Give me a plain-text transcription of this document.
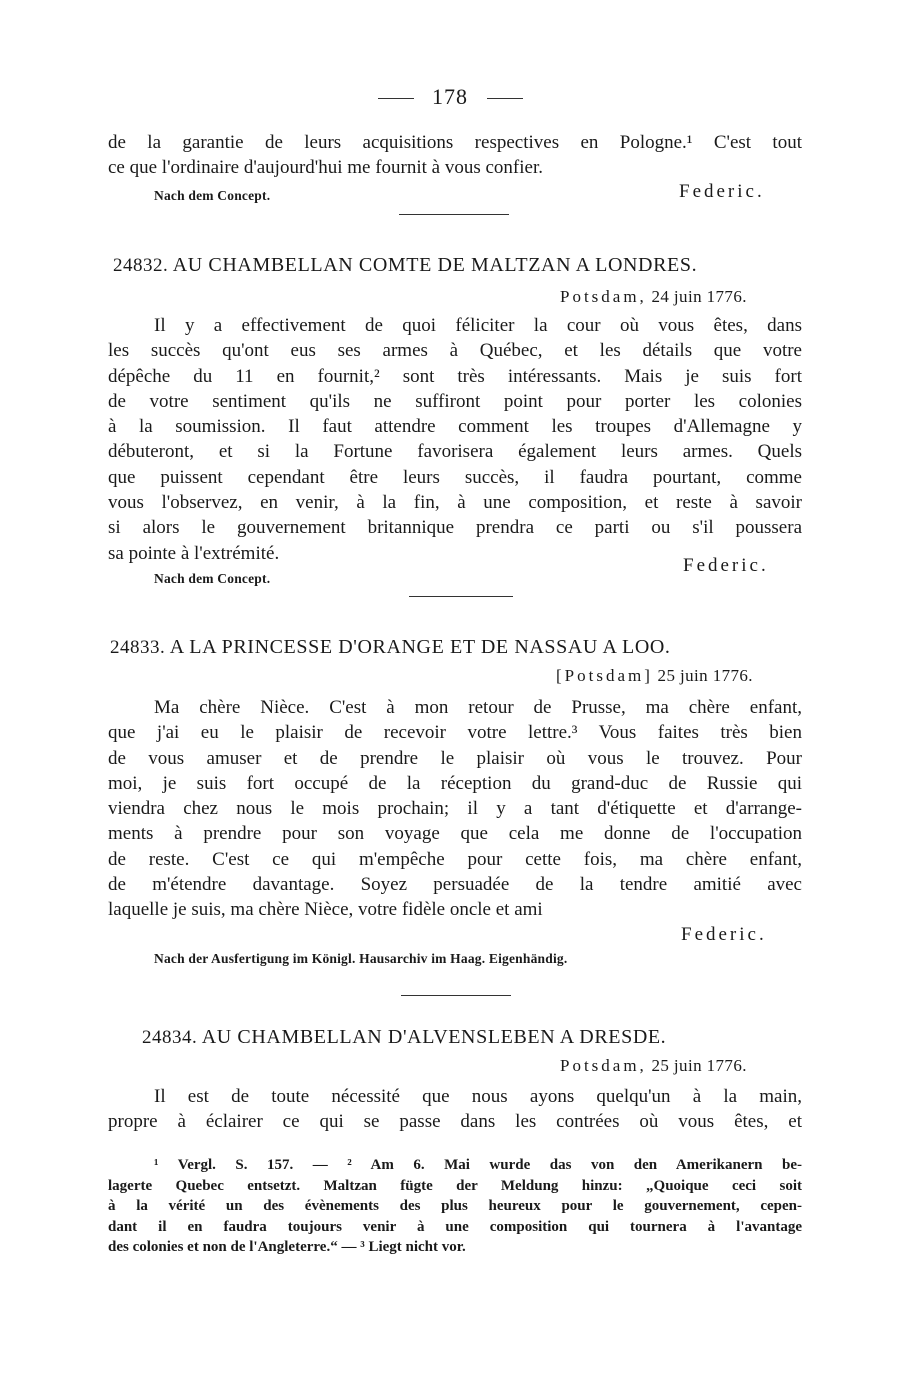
178
de la garantie de leurs acquisitions respectives en Pologne.¹ C'est tout
ce que l'ordinaire d'aujourd'hui me fournit à vous confier.
Nach dem Concept.	Federic.
24832. AU CHAMBELLAN COMTE DE MALTZAN A LONDRES.
Potsdam, 24 juin 1776.
Il y a effectivement de quoi féliciter la cour où vous êtes, dans
les succès qu'ont eus ses armes à Québec, et les détails que votre
dépêche du 11 en fournit,² sont très intéressants. Mais je suis fort
de votre sentiment qu'ils ne suffiront point pour porter les colonies
à la soumission. Il faut attendre comment les troupes d'Allemagne y
débuteront, et si la Fortune favorisera également leurs armes. Quels
que puissent cependant être leurs succès, il faudra pourtant, comme
vous l'observez, en venir, à la fin, à une composition, et reste à savoir
si alors le gouvernement britannique prendra ce parti ou s'il poussera
sa pointe à l'extrémité.
Federic.
Nach dem Concept.
24833. A LA PRINCESSE D'ORANGE ET DE NASSAU A LOO.
[Potsdam] 25 juin 1776.
Ma chère Nièce. C'est à mon retour de Prusse, ma chère enfant,
que j'ai eu le plaisir de recevoir votre lettre.³ Vous faites très bien
de vous amuser et de prendre le plaisir où vous le trouvez. Pour
moi, je suis fort occupé de la réception du grand-duc de Russie qui
viendra chez nous le mois prochain; il y a tant d'étiquette et d'arrange-
ments à prendre pour son voyage que cela me donne de l'occupation
de reste. C'est ce qui m'empêche pour cette fois, ma chère enfant,
de m'étendre davantage. Soyez persuadée de la tendre amitié avec
laquelle je suis, ma chère Nièce, votre fidèle oncle et ami
Federic.
Nach der Ausfertigung im Königl. Hausarchiv im Haag. Eigenhändig.
24834. AU CHAMBELLAN D'ALVENSLEBEN A DRESDE.
Potsdam, 25 juin 1776.
Il est de toute nécessité que nous ayons quelqu'un à la main,
propre à éclairer ce qui se passe dans les contrées où vous êtes, et
¹ Vergl. S. 157. — ² Am 6. Mai wurde das von den Amerikanern be-
lagerte Quebec entsetzt. Maltzan fügte der Meldung hinzu: „Quoique ceci soit
à la vérité un des évènements des plus heureux pour le gouvernement, cepen-
dant il en faudra toujours venir à une composition qui tournera à l'avantage
des colonies et non de l'Angleterre.“ — ³ Liegt nicht vor.
